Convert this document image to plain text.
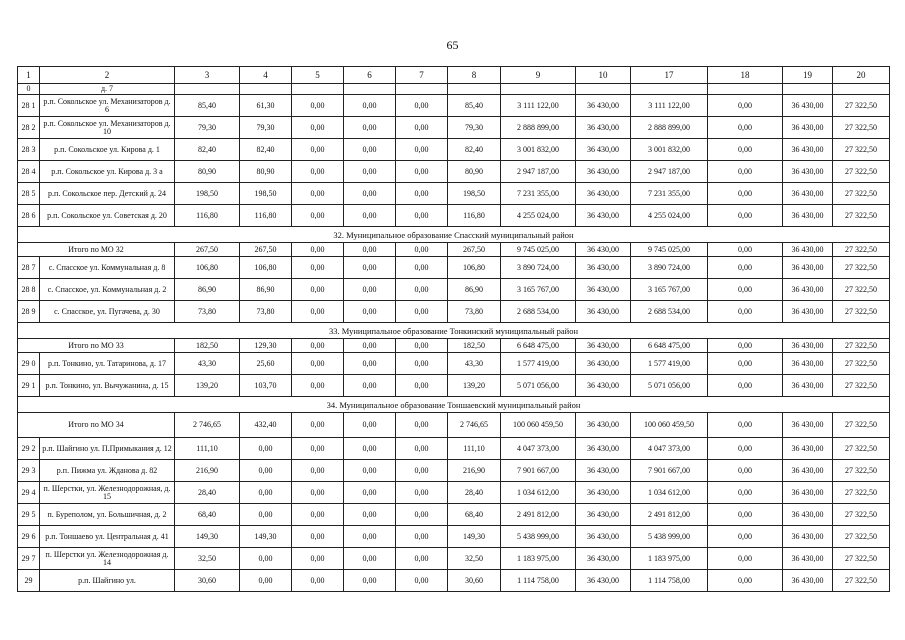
65
1	2	3	4	5	6	7	8	9	10	17	18	19	20
0	д. 7												
28 1	р.п. Сокольское ул. Механизаторов д. 6	85,40	61,30	0,00	0,00	0,00	85,40	3 111 122,00	36 430,00	3 111 122,00	0,00	36 430,00	27 322,50
28 2	р.п. Сокольское ул. Механизаторов д. 10	79,30	79,30	0,00	0,00	0,00	79,30	2 888 899,00	36 430,00	2 888 899,00	0,00	36 430,00	27 322,50
28 3	р.п. Сокольское ул. Кирова д. 1	82,40	82,40	0,00	0,00	0,00	82,40	3 001 832,00	36 430,00	3 001 832,00	0,00	36 430,00	27 322,50
28 4	р.п. Сокольское ул. Кирова д. 3 а	80,90	80,90	0,00	0,00	0,00	80,90	2 947 187,00	36 430,00	2 947 187,00	0,00	36 430,00	27 322,50
28 5	р.п. Сокольское пер. Детский д. 24	198,50	198,50	0,00	0,00	0,00	198,50	7 231 355,00	36 430,00	7 231 355,00	0,00	36 430,00	27 322,50
28 6	р.п. Сокольское ул. Советская д. 20	116,80	116,80	0,00	0,00	0,00	116,80	4 255 024,00	36 430,00	4 255 024,00	0,00	36 430,00	27 322,50
32. Муниципальное образование Спасский муниципальный район													
Итого по МО 32		267,50	267,50	0,00	0,00	0,00	267,50	9 745 025,00	36 430,00	9 745 025,00	0,00	36 430,00	27 322,50
28 7	с. Спасское ул. Коммунальная д. 8	106,80	106,80	0,00	0,00	0,00	106,80	3 890 724,00	36 430,00	3 890 724,00	0,00	36 430,00	27 322,50
28 8	с. Спасское, ул. Коммунальная д. 2	86,90	86,90	0,00	0,00	0,00	86,90	3 165 767,00	36 430,00	3 165 767,00	0,00	36 430,00	27 322,50
28 9	с. Спасское, ул. Пугачева, д. 30	73,80	73,80	0,00	0,00	0,00	73,80	2 688 534,00	36 430,00	2 688 534,00	0,00	36 430,00	27 322,50
33. Муниципальное образование Тонкинский муниципальный район													
Итого по МО 33		182,50	129,30	0,00	0,00	0,00	182,50	6 648 475,00	36 430,00	6 648 475,00	0,00	36 430,00	27 322,50
29 0	р.п. Тонкино, ул. Татаринова, д. 17	43,30	25,60	0,00	0,00	0,00	43,30	1 577 419,00	36 430,00	1 577 419,00	0,00	36 430,00	27 322,50
29 1	р.п. Тонкино, ул. Вычужанина, д. 15	139,20	103,70	0,00	0,00	0,00	139,20	5 071 056,00	36 430,00	5 071 056,00	0,00	36 430,00	27 322,50
34. Муниципальное образование Тоншаевский муниципальный район													
Итого по МО 34		2 746,65	432,40	0,00	0,00	0,00	2 746,65	100 060 459,50	36 430,00	100 060 459,50	0,00	36 430,00	27 322,50
29 2	р.п. Шайгино ул. П.Примыкания д. 12	111,10	0,00	0,00	0,00	0,00	111,10	4 047 373,00	36 430,00	4 047 373,00	0,00	36 430,00	27 322,50
29 3	р.п. Пижма ул. Жданова д. 82	216,90	0,00	0,00	0,00	0,00	216,90	7 901 667,00	36 430,00	7 901 667,00	0,00	36 430,00	27 322,50
29 4	п. Шерстки, ул. Железнодорожная, д. 15	28,40	0,00	0,00	0,00	0,00	28,40	1 034 612,00	36 430,00	1 034 612,00	0,00	36 430,00	27 322,50
29 5	п. Буреполом, ул. Большичная, д. 2	68,40	0,00	0,00	0,00	0,00	68,40	2 491 812,00	36 430,00	2 491 812,00	0,00	36 430,00	27 322,50
29 6	р.п. Тоншаево ул. Центральная д. 41	149,30	149,30	0,00	0,00	0,00	149,30	5 438 999,00	36 430,00	5 438 999,00	0,00	36 430,00	27 322,50
29 7	п. Шерстки ул. Железнодорожная д. 14	32,50	0,00	0,00	0,00	0,00	32,50	1 183 975,00	36 430,00	1 183 975,00	0,00	36 430,00	27 322,50
29	р.п. Шайгино ул.	30,60	0,00	0,00	0,00	0,00	30,60	1 114 758,00	36 430,00	1 114 758,00	0,00	36 430,00	27 322,50
